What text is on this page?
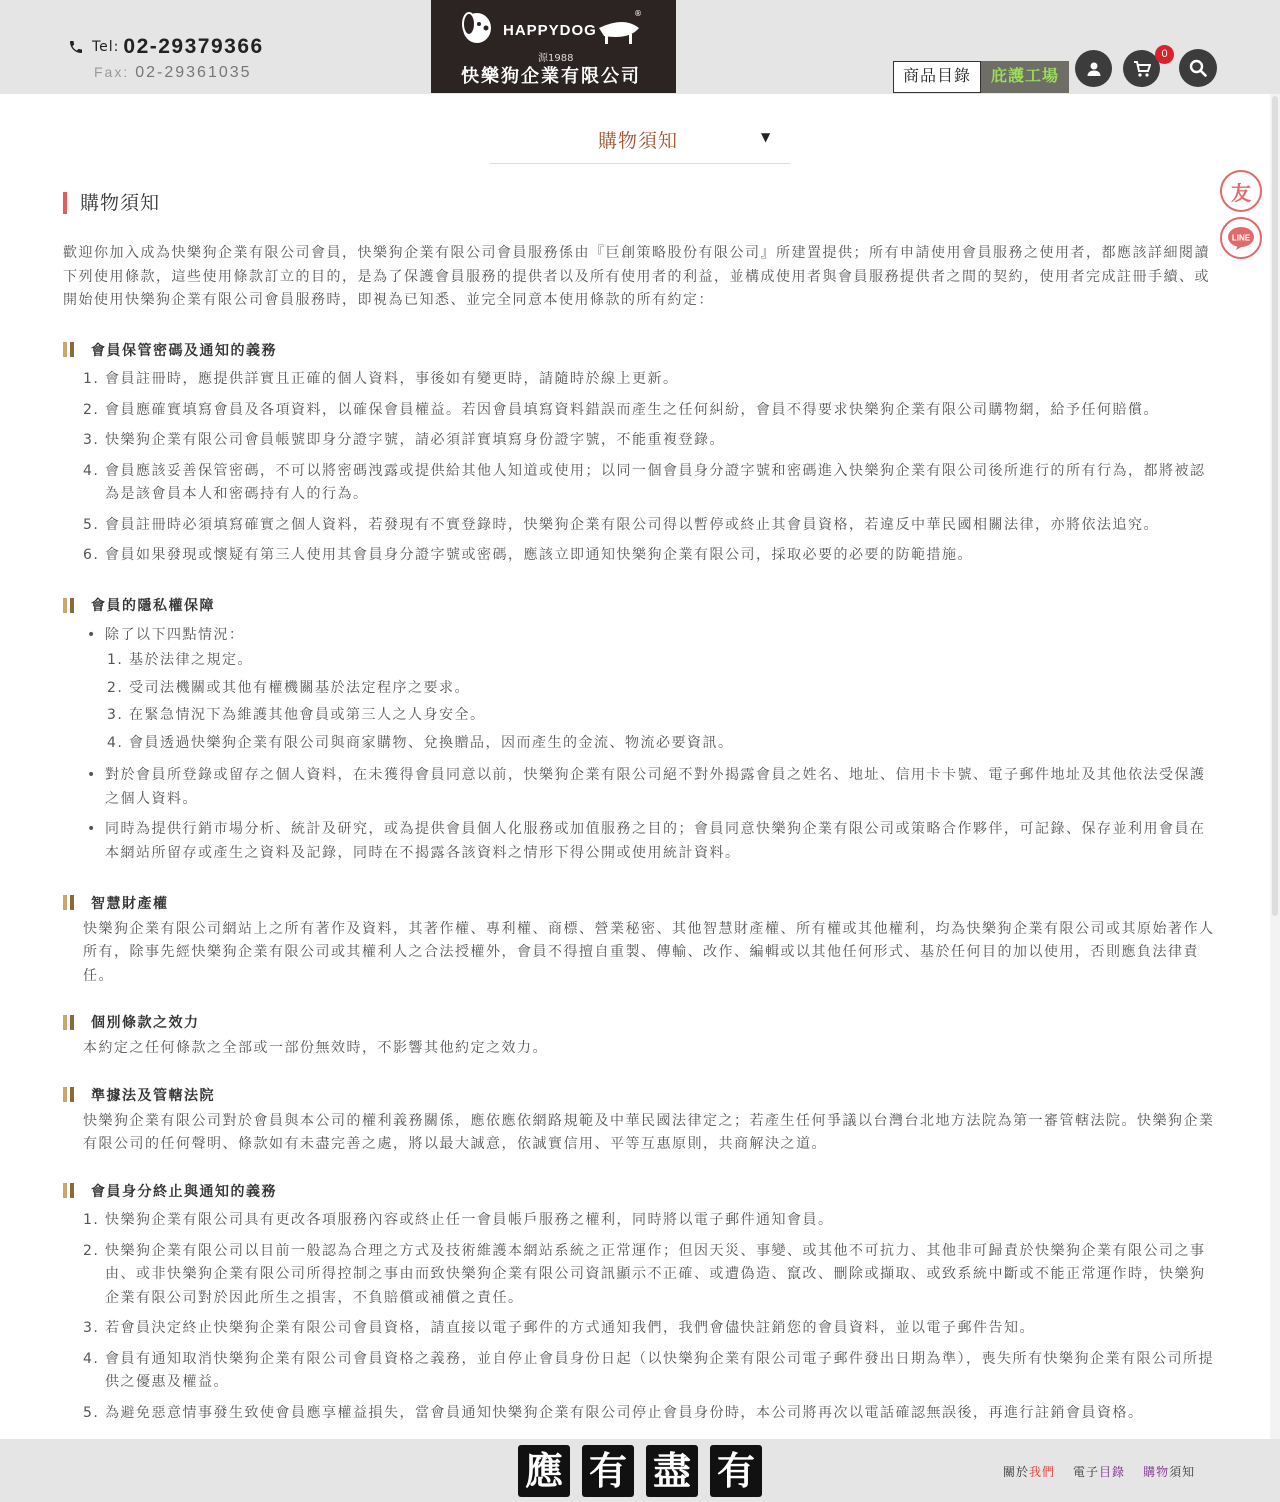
Tel: 02-29379366
Fax: 02-29361035
HAPPYDOG
®
源1988
快樂狗企業有限公司	商品目錄	庇護工場
0
購物須知	▼
友
LINE
購物須知

歡迎你加入成為快樂狗企業有限公司會員，快樂狗企業有限公司會員服務係由『巨創策略股份有限公司』所建置提供；所有申請使用會員服務之使用者，都應該詳細閱讀下列使用條款，這些使用條款訂立的目的，是為了保護會員服務的提供者以及所有使用者的利益，並構成使用者與會員服務提供者之間的契約，使用者完成註冊手續、或開始使用快樂狗企業有限公司會員服務時，即視為已知悉、並完全同意本使用條款的所有約定：

會員保管密碼及通知的義務
1. 會員註冊時，應提供詳實且正確的個人資料，事後如有變更時，請隨時於線上更新。
2. 會員應確實填寫會員及各項資料，以確保會員權益。若因會員填寫資料錯誤而產生之任何糾紛，會員不得要求快樂狗企業有限公司購物網，給予任何賠償。
3. 快樂狗企業有限公司會員帳號即身分證字號，請必須詳實填寫身份證字號，不能重複登錄。
4. 會員應該妥善保管密碼，不可以將密碼洩露或提供給其他人知道或使用；以同一個會員身分證字號和密碼進入快樂狗企業有限公司後所進行的所有行為，都將被認為是該會員本人和密碼持有人的行為。
5. 會員註冊時必須填寫確實之個人資料，若發現有不實登錄時，快樂狗企業有限公司得以暫停或終止其會員資格，若違反中華民國相關法律，亦將依法追究。
6. 會員如果發現或懷疑有第三人使用其會員身分證字號或密碼，應該立即通知快樂狗企業有限公司，採取必要的必要的防範措施。
會員的隱私權保障
• 除了以下四點情況：
1. 基於法律之規定。
2. 受司法機關或其他有權機關基於法定程序之要求。
3. 在緊急情況下為維護其他會員或第三人之人身安全。
4. 會員透過快樂狗企業有限公司與商家購物、兌換贈品，因而產生的金流、物流必要資訊。
• 對於會員所登錄或留存之個人資料，在未獲得會員同意以前，快樂狗企業有限公司絕不對外揭露會員之姓名、地址、信用卡卡號、電子郵件地址及其他依法受保護之個人資料。
• 同時為提供行銷市場分析、統計及研究，或為提供會員個人化服務或加值服務之目的；會員同意快樂狗企業有限公司或策略合作夥伴，可記錄、保存並利用會員在本網站所留存或產生之資料及記錄，同時在不揭露各該資料之情形下得公開或使用統計資料。
智慧財產權

快樂狗企業有限公司網站上之所有著作及資料，其著作權、專利權、商標、營業秘密、其他智慧財產權、所有權或其他權利，均為快樂狗企業有限公司或其原始著作人所有，除事先經快樂狗企業有限公司或其權利人之合法授權外，會員不得擅自重製、傳輸、改作、編輯或以其他任何形式、基於任何目的加以使用，否則應負法律責任。

個別條款之效力

本約定之任何條款之全部或一部份無效時，不影響其他約定之效力。

準據法及管轄法院

快樂狗企業有限公司對於會員與本公司的權利義務關係，應依應依網路規範及中華民國法律定之；若產生任何爭議以台灣台北地方法院為第一審管轄法院。快樂狗企業有限公司的任何聲明、條款如有未盡完善之處，將以最大誠意，依誠實信用、平等互惠原則，共商解決之道。

會員身分終止與通知的義務
1. 快樂狗企業有限公司具有更改各項服務內容或終止任一會員帳戶服務之權利，同時將以電子郵件通知會員。
2. 快樂狗企業有限公司以目前一般認為合理之方式及技術維護本網站系統之正常運作；但因天災、事變、或其他不可抗力、其他非可歸責於快樂狗企業有限公司之事由、或非快樂狗企業有限公司所得控制之事由而致快樂狗企業有限公司資訊顯示不正確、或遭偽造、竄改、刪除或擷取、或致系統中斷或不能正常運作時，快樂狗企業有限公司對於因此所生之損害，不負賠償或補償之責任。
3. 若會員決定終止快樂狗企業有限公司會員資格，請直接以電子郵件的方式通知我們，我們會儘快註銷您的會員資料，並以電子郵件告知。
4. 會員有通知取消快樂狗企業有限公司會員資格之義務，並自停止會員身份日起（以快樂狗企業有限公司電子郵件發出日期為準），喪失所有快樂狗企業有限公司所提供之優惠及權益。
5. 為避免惡意情事發生致使會員應享權益損失，當會員通知快樂狗企業有限公司停止會員身份時，本公司將再次以電話確認無誤後，再進行註銷會員資格。
應 有 盡 有	關於我們 電子目錄 購物須知
